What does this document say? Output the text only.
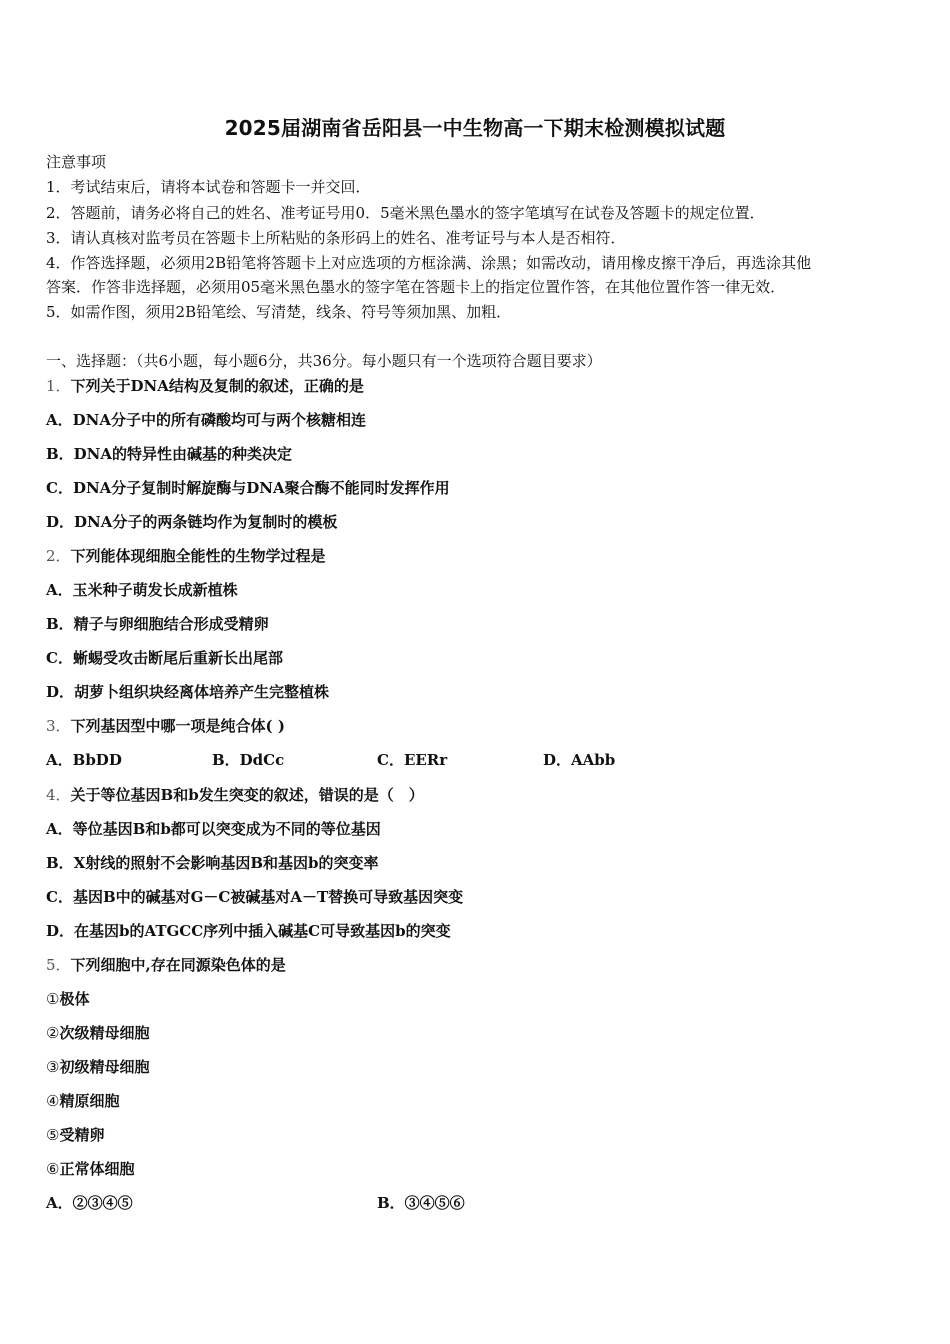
2025届湖南省岳阳县一中生物高一下期末检测模拟试题
注意事项
1．考试结束后，请将本试卷和答题卡一并交回．
2．答题前，请务必将自己的姓名、准考证号用0．5毫米黑色墨水的签字笔填写在试卷及答题卡的规定位置．
3．请认真核对监考员在答题卡上所粘贴的条形码上的姓名、准考证号与本人是否相符．
4．作答选择题，必须用2B铅笔将答题卡上对应选项的方框涂满、涂黑；如需改动，请用橡皮擦干净后，再选涂其他
答案．作答非选择题，必须用05毫米黑色墨水的签字笔在答题卡上的指定位置作答，在其他位置作答一律无效．
5．如需作图，须用2B铅笔绘、写清楚，线条、符号等须加黑、加粗．
一、选择题：（共6小题，每小题6分，共36分。每小题只有一个选项符合题目要求）
1．下列关于DNA结构及复制的叙述，正确的是
A．DNA分子中的所有磷酸均可与两个核糖相连
B．DNA的特异性由碱基的种类决定
C．DNA分子复制时解旋酶与DNA聚合酶不能同时发挥作用
D．DNA分子的两条链均作为复制时的模板
2．下列能体现细胞全能性的生物学过程是
A．玉米种子萌发长成新植株
B．精子与卵细胞结合形成受精卵
C．蜥蜴受攻击断尾后重新长出尾部
D．胡萝卜组织块经离体培养产生完整植株
3．下列基因型中哪一项是纯合体( )
A．BbDD	B．DdCc	C．EERr	D．AAbb
4．关于等位基因B和b发生突变的叙述，错误的是（　）
A．等位基因B和b都可以突变成为不同的等位基因
B．X射线的照射不会影响基因B和基因b的突变率
C．基因B中的碱基对G－C被碱基对A－T替换可导致基因突变
D．在基因b的ATGCC序列中插入碱基C可导致基因b的突变
5．下列细胞中,存在同源染色体的是
①极体
②次级精母细胞
③初级精母细胞
④精原细胞
⑤受精卵
⑥正常体细胞
A．②③④⑤	B．③④⑤⑥
